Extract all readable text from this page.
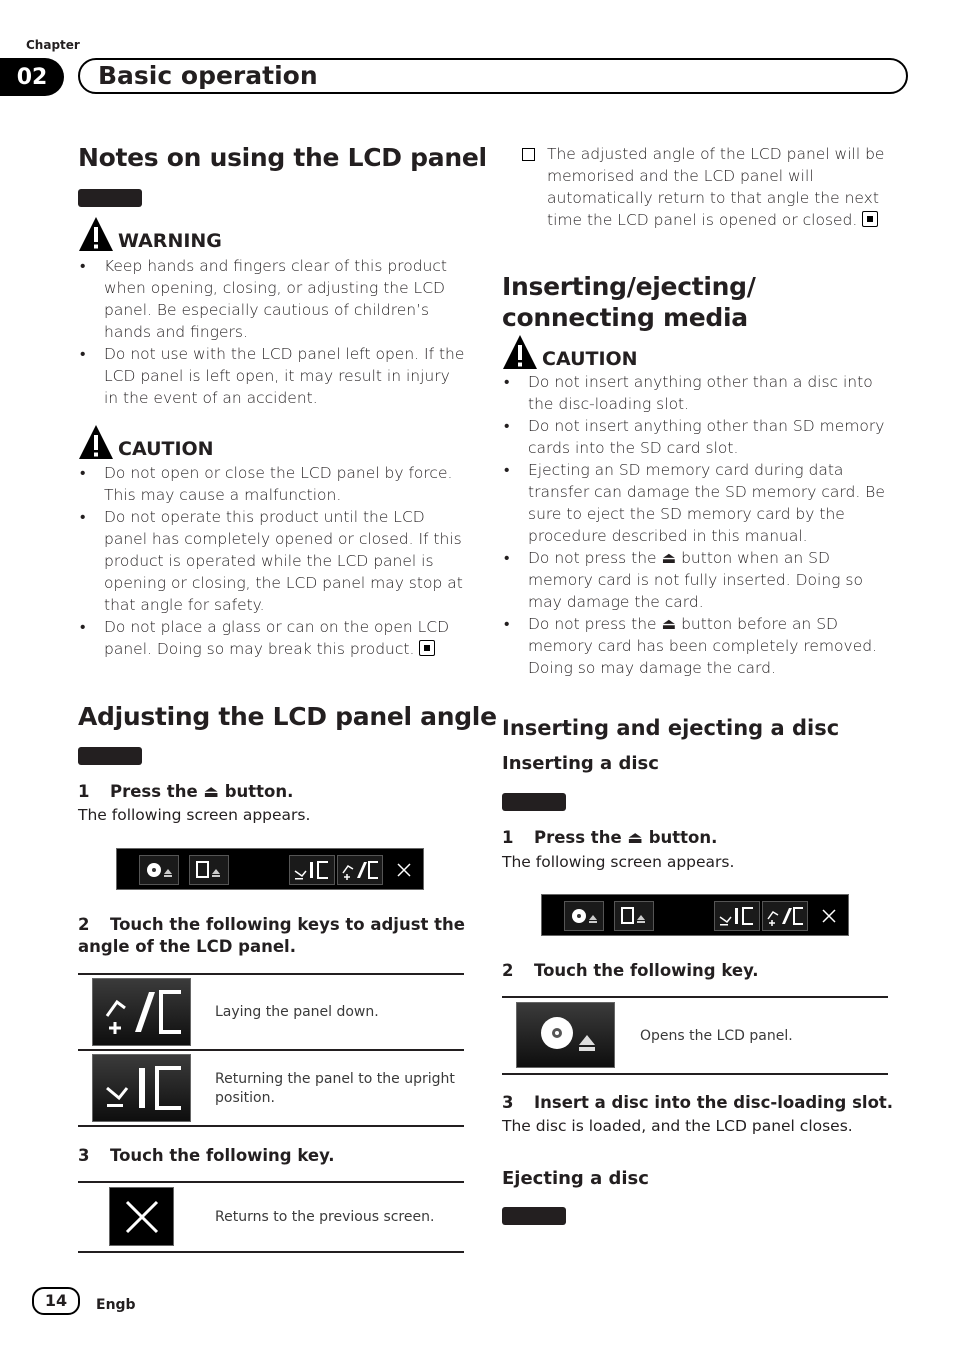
Chapter
02	Basic operation
Notes on using the LCD panel
WARNING
• Keep hands and fingers clear of this product when opening, closing, or adjusting the LCD panel. Be especially cautious of children’s hands and fingers.
• Do not use with the LCD panel left open. If the LCD panel is left open, it may result in injury in the event of an accident.
CAUTION
• Do not open or close the LCD panel by force. This may cause a malfunction.
• Do not operate this product until the LCD panel has completely opened or closed. If this product is operated while the LCD panel is opening or closing, the LCD panel may stop at that angle for safety.
• Do not place a glass or can on the open LCD panel. Doing so may break this product.
Adjusting the LCD panel angle
1 Press the ⏏ button.
The following screen appears.
2 Touch the following keys to adjust the angle of the LCD panel.
Laying the panel down.
Returning the panel to the upright position.
3 Touch the following key.
Returns to the previous screen.
The adjusted angle of the LCD panel will be memorised and the LCD panel will automatically return to that angle the next time the LCD panel is opened or closed.
Inserting/ejecting/
connecting media
CAUTION
• Do not insert anything other than a disc into the disc-loading slot.
• Do not insert anything other than SD memory cards into the SD card slot.
• Ejecting an SD memory card during data transfer can damage the SD memory card. Be sure to eject the SD memory card by the procedure described in this manual.
• Do not press the ⏏ button when an SD memory card is not fully inserted. Doing so may damage the card.
• Do not press the ⏏ button before an SD memory card has been completely removed. Doing so may damage the card.
Inserting and ejecting a disc
Inserting a disc
1 Press the ⏏ button.
The following screen appears.
2 Touch the following key.
Opens the LCD panel.
3 Insert a disc into the disc-loading slot.
The disc is loaded, and the LCD panel closes.
Ejecting a disc
14	Engb
